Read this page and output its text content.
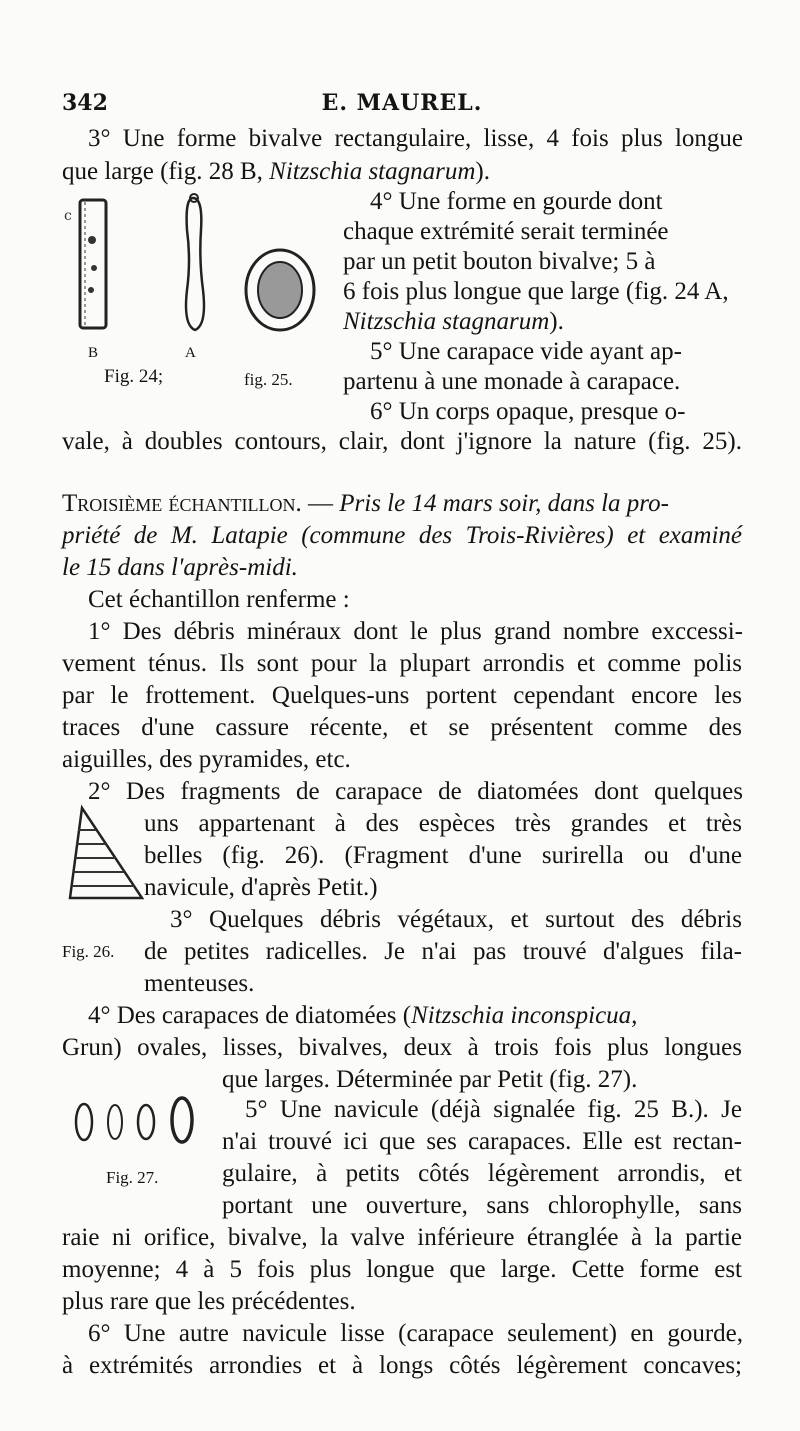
342	E. MAUREL.
3° Une forme bivalve rectangulaire, lisse, 4 fois plus longue
que large (fig. 28 B, Nitzschia stagnarum).
c
B	A
Fig. 24;	fig. 25.
4° Une forme en gourde dont
chaque extrémité serait terminée
par un petit bouton bivalve; 5 à
6 fois plus longue que large (fig. 24 A,
Nitzschia stagnarum).
5° Une carapace vide ayant ap-
partenu à une monade à carapace.
6° Un corps opaque, presque o-
vale, à doubles contours, clair, dont j'ignore la nature (fig. 25).
Troisième échantillon. — Pris le 14 mars soir, dans la pro-
priété de M. Latapie (commune des Trois-Rivières) et examiné
le 15 dans l'après-midi.
Cet échantillon renferme :
1° Des débris minéraux dont le plus grand nombre exccessi-
vement ténus. Ils sont pour la plupart arrondis et comme polis
par le frottement. Quelques-uns portent cependant encore les
traces d'une cassure récente, et se présentent comme des
aiguilles, des pyramides, etc.
2° Des fragments de carapace de diatomées dont quelques
uns appartenant à des espèces très grandes et très
belles (fig. 26). (Fragment d'une surirella ou d'une
navicule, d'après Petit.)
3° Quelques débris végétaux, et surtout des débris
Fig. 26. de petites radicelles. Je n'ai pas trouvé d'algues fila-
menteuses.
4° Des carapaces de diatomées (Nitzschia inconspicua,
Grun) ovales, lisses, bivalves, deux à trois fois plus longues
que larges. Déterminée par Petit (fig. 27).
5° Une navicule (déjà signalée fig. 25 B.). Je
n'ai trouvé ici que ses carapaces. Elle est rectan-
gulaire, à petits côtés légèrement arrondis, et
Fig. 27.
portant une ouverture, sans chlorophylle, sans
raie ni orifice, bivalve, la valve inférieure étranglée à la partie
moyenne; 4 à 5 fois plus longue que large. Cette forme est
plus rare que les précédentes.
6° Une autre navicule lisse (carapace seulement) en gourde,
à extrémités arrondies et à longs côtés légèrement concaves;
